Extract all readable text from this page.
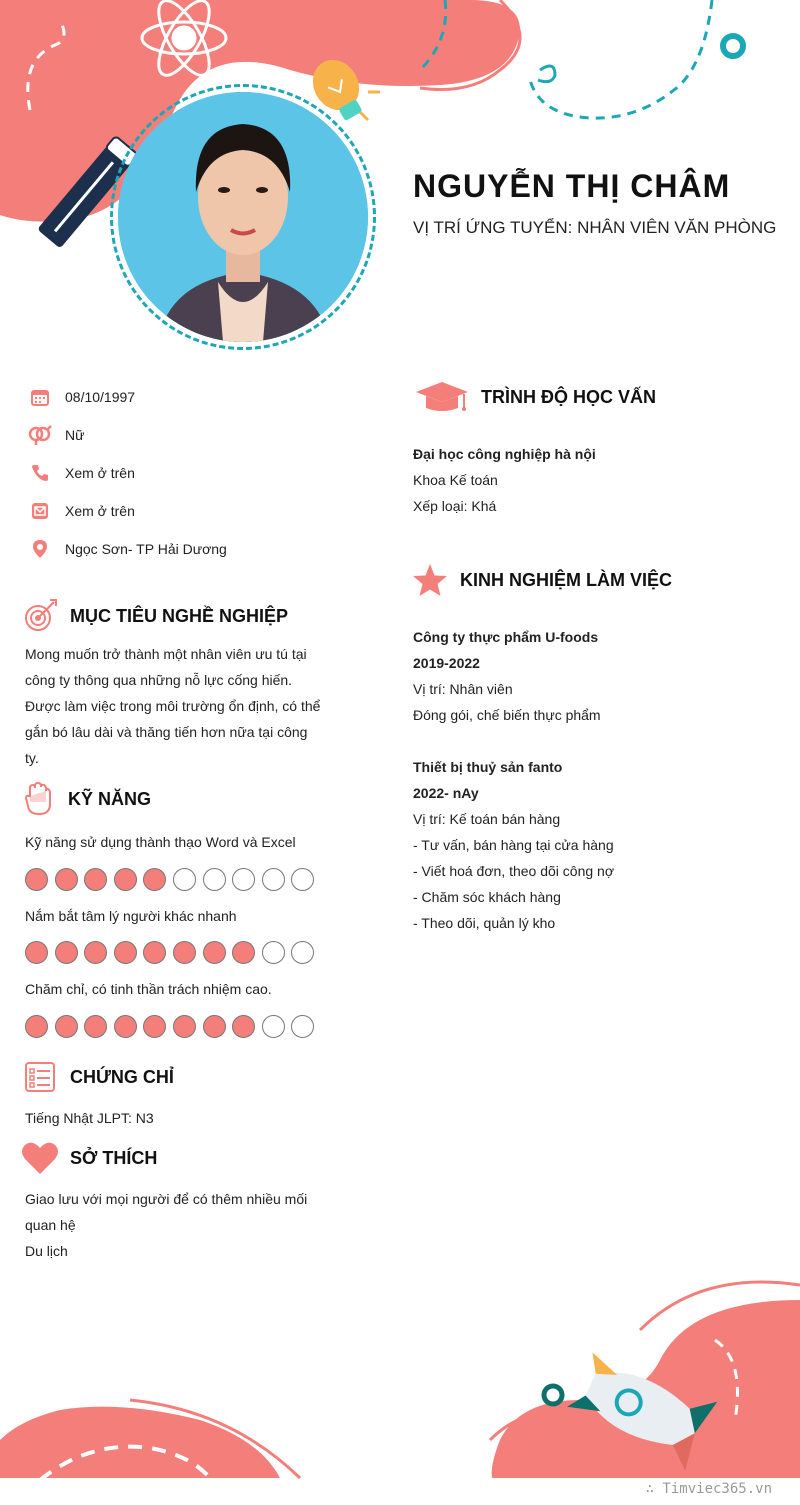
NGUYỄN THỊ CHÂM
VỊ TRÍ ỨNG TUYỂN: NHÂN VIÊN VĂN PHÒNG
08/10/1997
Nữ
Xem ở trên
Xem ở trên
Ngọc Sơn- TP Hải Dương
MỤC TIÊU NGHỀ NGHIỆP
Mong muốn trở thành một nhân viên ưu tú tại
công ty thông qua những nỗ lực cống hiến.
Được làm việc trong môi trường ổn định, có thể
gắn bó lâu dài và thăng tiến hơn nữa tại công
ty.
KỸ NĂNG
Kỹ năng sử dụng thành thạo Word và Excel
Nắm bắt tâm lý người khác nhanh
Chăm chỉ, có tinh thần trách nhiệm cao.
CHỨNG CHỈ
Tiếng Nhật JLPT: N3
SỞ THÍCH
Giao lưu với mọi người để có thêm nhiều mối
quan hệ
Du lịch
TRÌNH ĐỘ HỌC VẤN
Đại học công nghiệp hà nội
Khoa Kế toán
Xếp loại: Khá
KINH NGHIỆM LÀM VIỆC
Công ty thực phẩm U-foods
2019-2022
Vị trí: Nhân viên
Đóng gói, chế biến thực phẩm
Thiết bị thuỷ sản fanto
2022- nAy
Vị trí: Kế toán bán hàng
- Tư vấn, bán hàng tại cửa hàng
- Viết hoá đơn, theo dõi công nợ
- Chăm sóc khách hàng
- Theo dõi, quản lý kho
∴ Timviec365.vn
